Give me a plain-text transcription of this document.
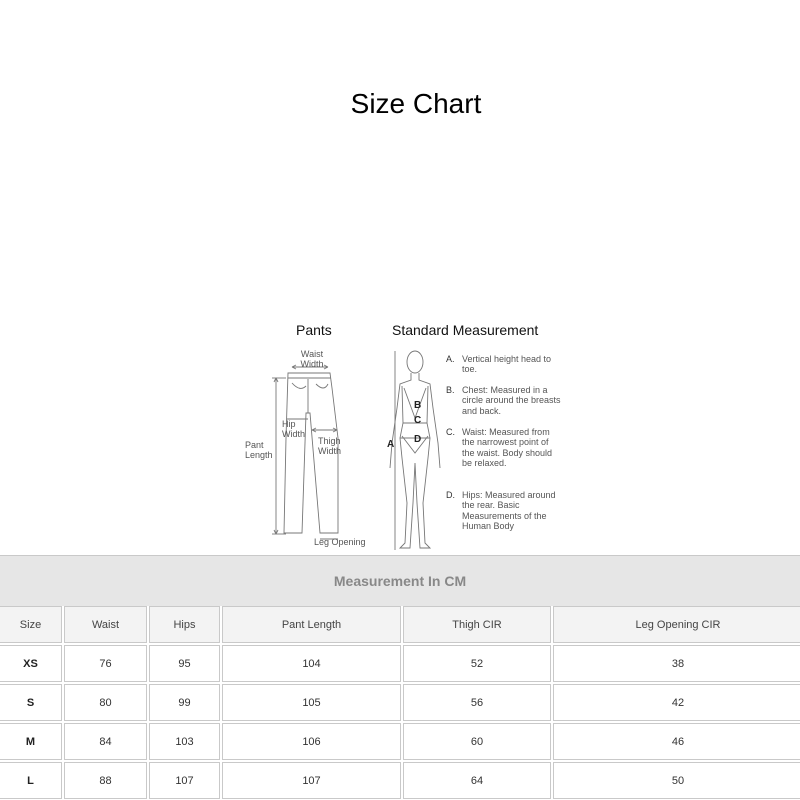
Size Chart
Pants	Standard Measurement
Waist Width
Hip Width
Thigh Width
Pant Length
Leg Opening
A
B
C
D
A. Vertical height head to toe.
B. Chest: Measured in a circle around the breasts and back.
C. Waist: Measured from the narrowest point of the waist. Body should be relaxed.
D. Hips: Measured around the rear. Basic Measurements of the Human Body
Measurement In CM
Size	Waist	Hips	Pant Length	Thigh CIR	Leg Opening CIR
XS	76	95	104	52	38
S	80	99	105	56	42
M	84	103	106	60	46
L	88	107	107	64	50
